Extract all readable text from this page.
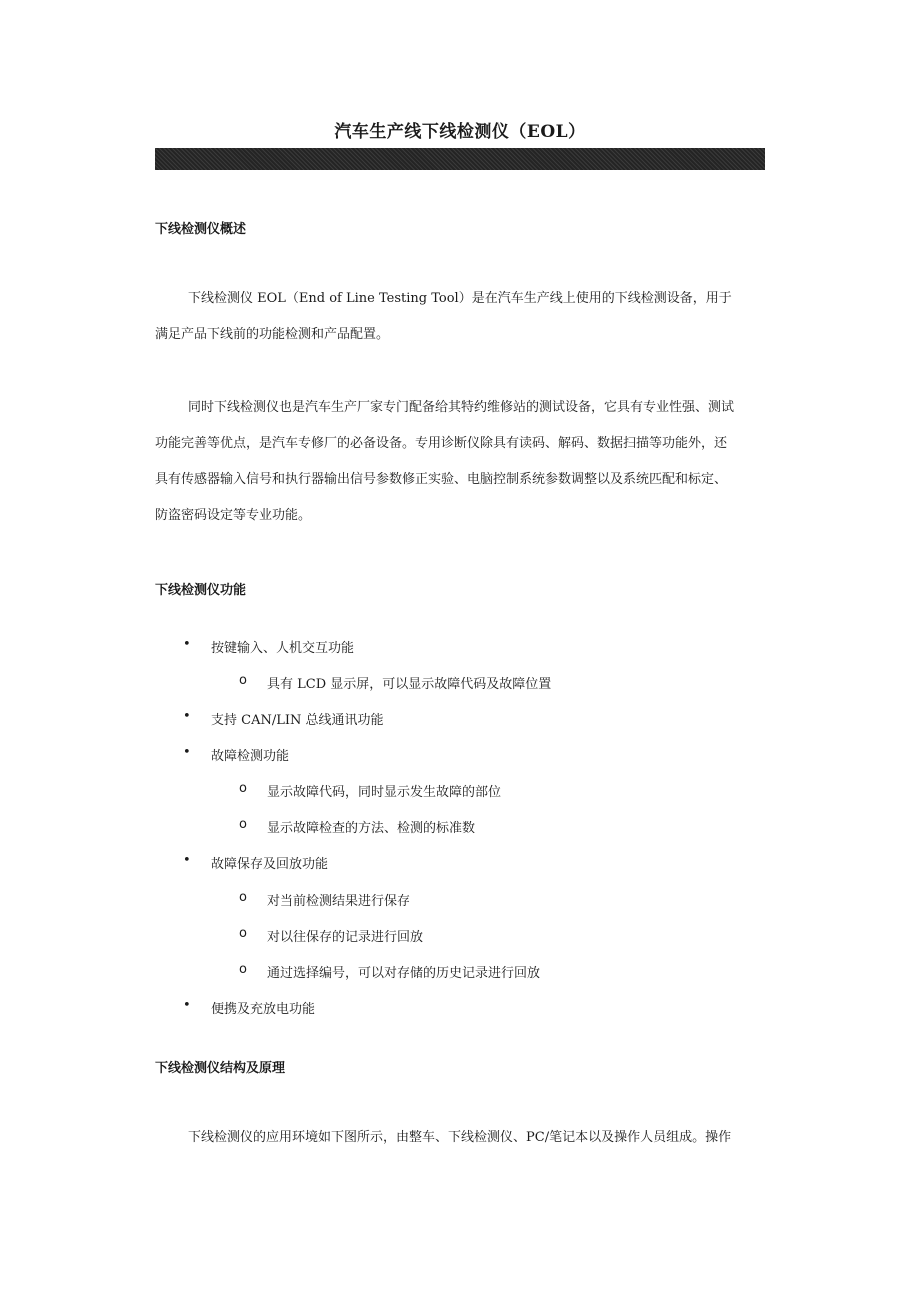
汽车生产线下线检测仪（EOL）
下线检测仪概述
下线检测仪 EOL（End of Line Testing Tool）是在汽车生产线上使用的下线检测设备，用于
满足产品下线前的功能检测和产品配置。
同时下线检测仪也是汽车生产厂家专门配备给其特约维修站的测试设备，它具有专业性强、测试
功能完善等优点，是汽车专修厂的必备设备。专用诊断仪除具有读码、解码、数据扫描等功能外，还
具有传感器输入信号和执行器输出信号参数修正实验、电脑控制系统参数调整以及系统匹配和标定、
防盗密码设定等专业功能。
下线检测仪功能
• 按键输入、人机交互功能
o 具有 LCD 显示屏，可以显示故障代码及故障位置
• 支持 CAN/LIN 总线通讯功能
• 故障检测功能
o 显示故障代码，同时显示发生故障的部位
o 显示故障检查的方法、检测的标准数
• 故障保存及回放功能
o 对当前检测结果进行保存
o 对以往保存的记录进行回放
o 通过选择编号，可以对存储的历史记录进行回放
• 便携及充放电功能
下线检测仪结构及原理
下线检测仪的应用环境如下图所示，由整车、下线检测仪、PC/笔记本以及操作人员组成。操作
